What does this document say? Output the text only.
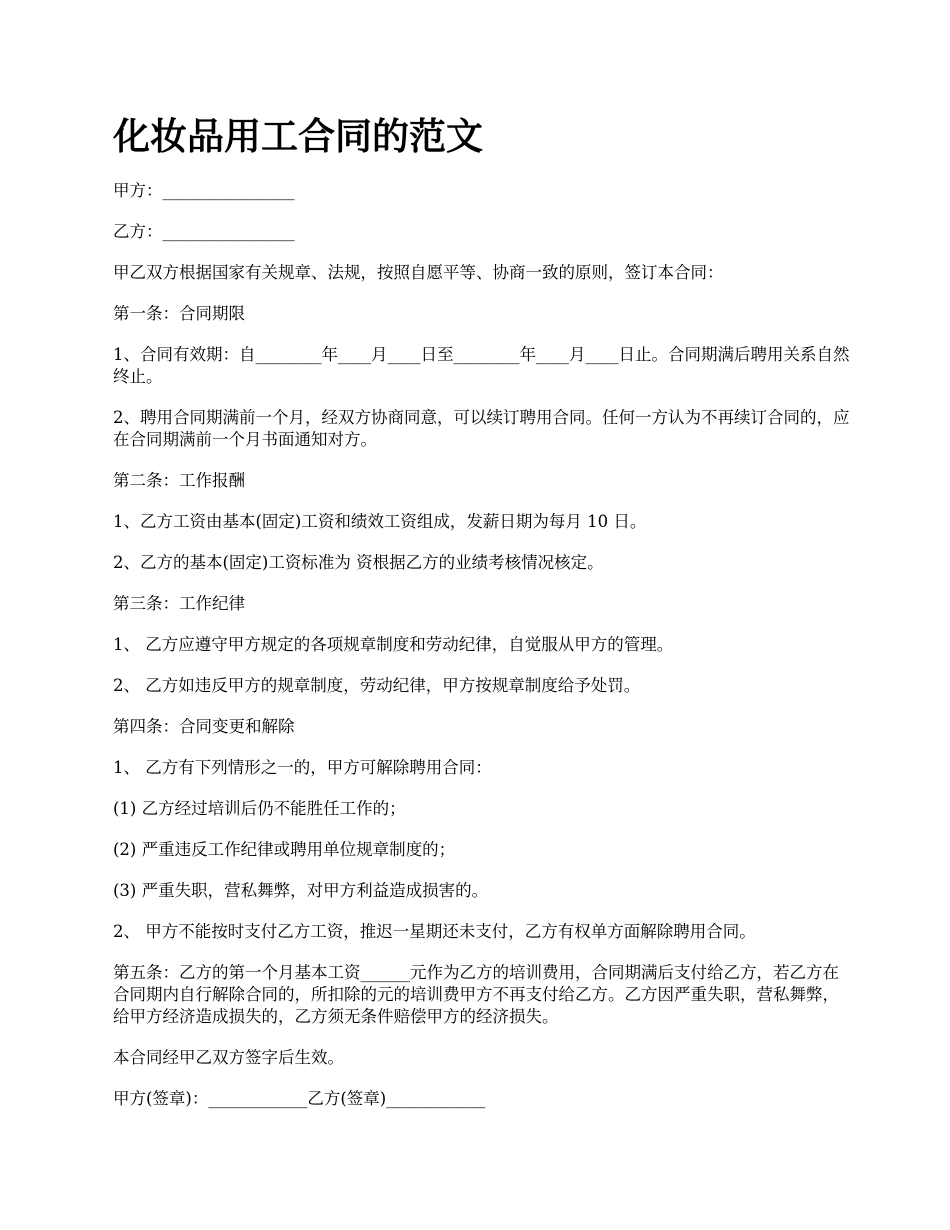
化妆品用工合同的范文

甲方：________________

乙方：________________

甲乙双方根据国家有关规章、法规，按照自愿平等、协商一致的原则，签订本合同：

第一条：合同期限

1、合同有效期：自________年____月____日至________年____月____日止。合同期满后聘用关系自然终止。

2、聘用合同期满前一个月，经双方协商同意，可以续订聘用合同。任何一方认为不再续订合同的，应在合同期满前一个月书面通知对方。

第二条：工作报酬

1、乙方工资由基本(固定)工资和绩效工资组成，发薪日期为每月 10 日。

2、乙方的基本(固定)工资标准为 资根据乙方的业绩考核情况核定。

第三条：工作纪律

1、 乙方应遵守甲方规定的各项规章制度和劳动纪律，自觉服从甲方的管理。

2、 乙方如违反甲方的规章制度，劳动纪律，甲方按规章制度给予处罚。

第四条：合同变更和解除

1、 乙方有下列情形之一的，甲方可解除聘用合同：

(1) 乙方经过培训后仍不能胜任工作的；

(2) 严重违反工作纪律或聘用单位规章制度的；

(3) 严重失职，营私舞弊，对甲方利益造成损害的。

2、 甲方不能按时支付乙方工资，推迟一星期还未支付，乙方有权单方面解除聘用合同。

第五条：乙方的第一个月基本工资______元作为乙方的培训费用，合同期满后支付给乙方，若乙方在合同期内自行解除合同的，所扣除的元的培训费甲方不再支付给乙方。乙方因严重失职，营私舞弊，给甲方经济造成损失的，乙方须无条件赔偿甲方的经济损失。

本合同经甲乙双方签字后生效。

甲方(签章)：____________乙方(签章)____________
